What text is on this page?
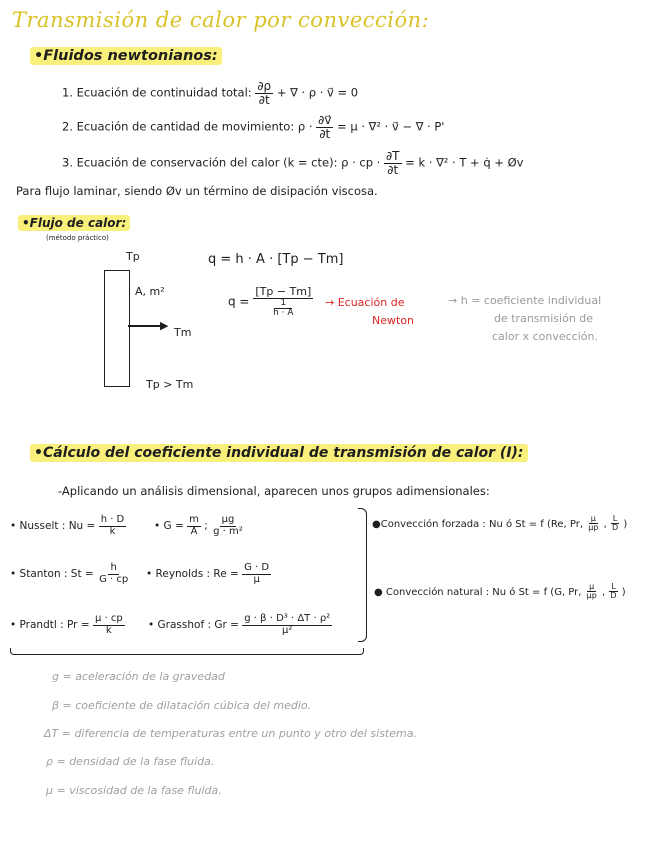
Transmisión de calor por convección:
•Fluidos newtonianos:
1. Ecuación de continuidad total: $\frac{\partial\rho}{\partial t}$ + ∇ · ρ · v⃗ = 0
2. Ecuación de cantidad de movimiento: $\rho \cdot \frac{\partial v⃗}{\partial t} = \mu \cdot \nabla^2$ · v⃗ − ∇ · P'
3. Ecuación de conservación del calor (k = cte): ρ · cp · $\frac{\partial T}{\partial t} = k \cdot \nabla^2 \cdot T$ + q̇ + Øv
Para flujo laminar, siendo Øv un término de disipación viscosa.
•Flujo de calor:
(método práctico)
Tp
A, m²
▶
Tm
Tp > Tm
q = h · A · [Tp − Tm]
q = [Tp − Tm]
1
h · A → Ecuación de
Newton
→ h = coeficiente individual
de transmisión de
calor x convección.
•Cálculo del coeficiente individual de transmisión de calor (I):
-Aplicando un análisis dimensional, aparecen unos grupos adimensionales:
• Nusselt : $Nu = \frac{h \cdot D}{k}$	• $G = \frac{m}{A}$ ; $\frac{\mu g}{\text{g · m²}}$
• Stanton : $St = \frac{h}{G \cdot cp}$ • Reynolds : $Re = \frac{G \cdot D}{\mu}$
• Prandtl : $Pr = \frac{\mu \cdot cp}{k}$ • Grasshof : $Gr = \frac{\text{g · β · D³ · ΔT · ρ²}}{\text{μ²}}$
●Convección forzada : Nu ó St = f (Re, Pr, $\frac{\mu}{\mu p}$ , $\frac{L}{D}$ )
● Convección natural : Nu ó St = f (G, Pr, $\frac{\mu}{\mu p}$ , $\frac{L}{D}$ )
g = aceleración de la gravedad
β = coeficiente de dilatación cúbica del medio.
ΔT = diferencia de temperaturas entre un punto y otro del sistema.
ρ = densidad de la fase fluida.
μ = viscosidad de la fase fluida.
